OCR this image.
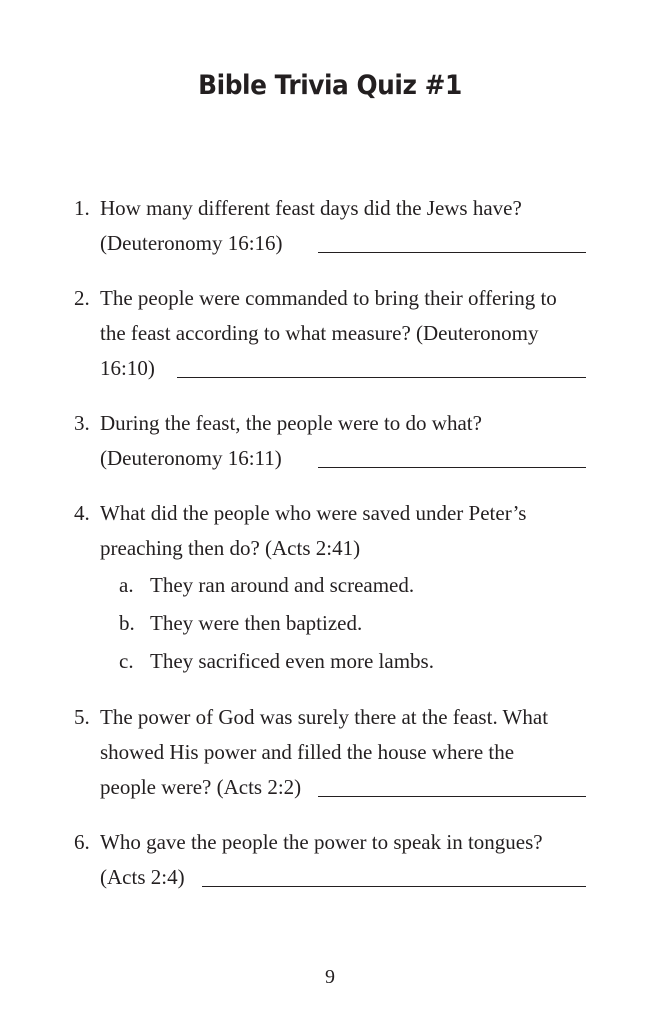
Bible Trivia Quiz #1
1. How many different feast days did the Jews have?
(Deuteronomy 16:16)
2. The people were commanded to bring their offering to
the feast according to what measure? (Deuteronomy
16:10)
3. During the feast, the people were to do what?
(Deuteronomy 16:11)
4. What did the people who were saved under Peter’s
preaching then do? (Acts 2:41)
a. They ran around and screamed.
b. They were then baptized.
c. They sacrificed even more lambs.
5. The power of God was surely there at the feast. What
showed His power and filled the house where the
people were? (Acts 2:2)
6. Who gave the people the power to speak in tongues?
(Acts 2:4)
9
